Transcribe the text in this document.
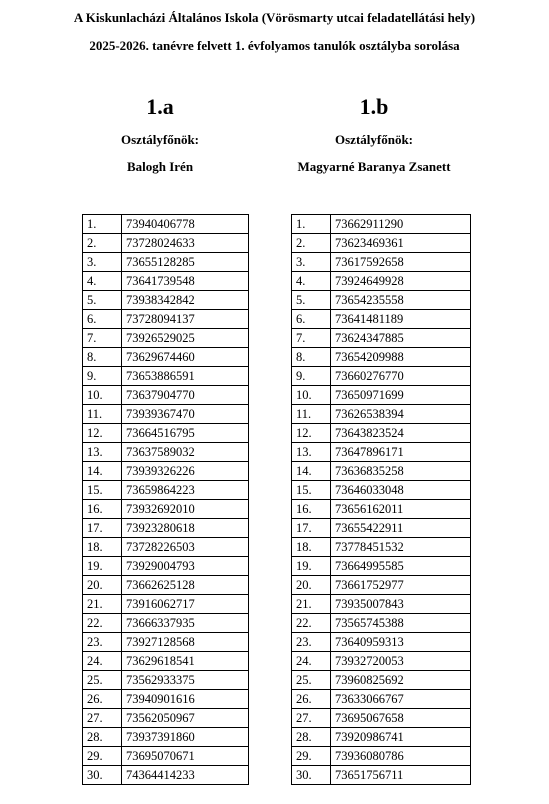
A Kiskunlacházi Általános Iskola (Vörösmarty utcai feladatellátási hely)
2025-2026. tanévre felvett 1. évfolyamos tanulók osztályba sorolása
1.a
Osztályfőnök:
Balogh Irén
1.b
Osztályfőnök:
Magyarné Baranya Zsanett
1.	73940406778
2.	73728024633
3.	73655128285
4.	73641739548
5.	73938342842
6.	73728094137
7.	73926529025
8.	73629674460
9.	73653886591
10.	73637904770
11.	73939367470
12.	73664516795
13.	73637589032
14.	73939326226
15.	73659864223
16.	73932692010
17.	73923280618
18.	73728226503
19.	73929004793
20.	73662625128
21.	73916062717
22.	73666337935
23.	73927128568
24.	73629618541
25.	73562933375
26.	73940901616
27.	73562050967
28.	73937391860
29.	73695070671
30.	74364414233
1.	73662911290
2.	73623469361
3.	73617592658
4.	73924649928
5.	73654235558
6.	73641481189
7.	73624347885
8.	73654209988
9.	73660276770
10.	73650971699
11.	73626538394
12.	73643823524
13.	73647896171
14.	73636835258
15.	73646033048
16.	73656162011
17.	73655422911
18.	73778451532
19.	73664995585
20.	73661752977
21.	73935007843
22.	73565745388
23.	73640959313
24.	73932720053
25.	73960825692
26.	73633066767
27.	73695067658
28.	73920986741
29.	73936080786
30.	73651756711
